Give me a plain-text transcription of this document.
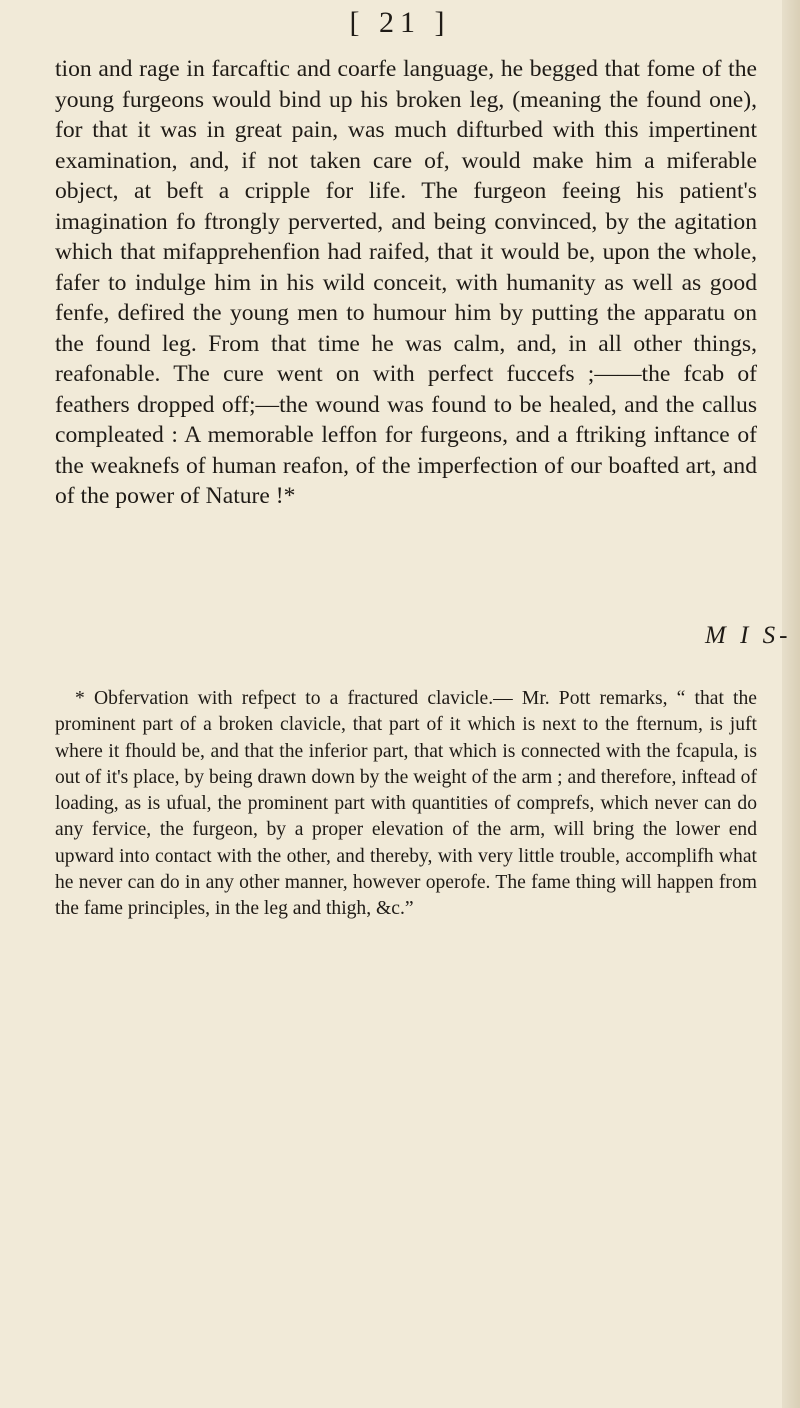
[ 21 ]

tion and rage in farcaftic and coarfe language, he begged that fome of the young furgeons would bind up his broken leg, (meaning the found one), for that it was in great pain, was much difturbed with this impertinent examination, and, if not taken care of, would make him a miferable object, at beft a cripple for life. The furgeon feeing his patient's imagination fo ftrongly perverted, and being convinced, by the agitation which that mifapprehenfion had raifed, that it would be, upon the whole, fafer to indulge him in his wild conceit, with humanity as well as good fenfe, defired the young men to humour him by putting the apparatu on the found leg. From that time he was calm, and, in all other things, reafonable. The cure went on with perfect fuccefs ;——the fcab of feathers dropped off;—the wound was found to be healed, and the callus compleated : A memorable leffon for furgeons, and a ftriking inftance of the weaknefs of human reafon, of the imperfection of our boafted art, and of the power of Nature !*

M I S-

* Obfervation with refpect to a fractured clavicle.— Mr. Pott remarks, “ that the prominent part of a broken clavicle, that part of it which is next to the fternum, is juft where it fhould be, and that the inferior part, that which is connected with the fcapula, is out of it's place, by being drawn down by the weight of the arm ; and therefore, inftead of loading, as is ufual, the prominent part with quantities of comprefs, which never can do any fervice, the furgeon, by a proper elevation of the arm, will bring the lower end upward into contact with the other, and thereby, with very little trouble, accomplifh what he never can do in any other manner, however operofe. The fame thing will happen from the fame principles, in the leg and thigh, &c.”
